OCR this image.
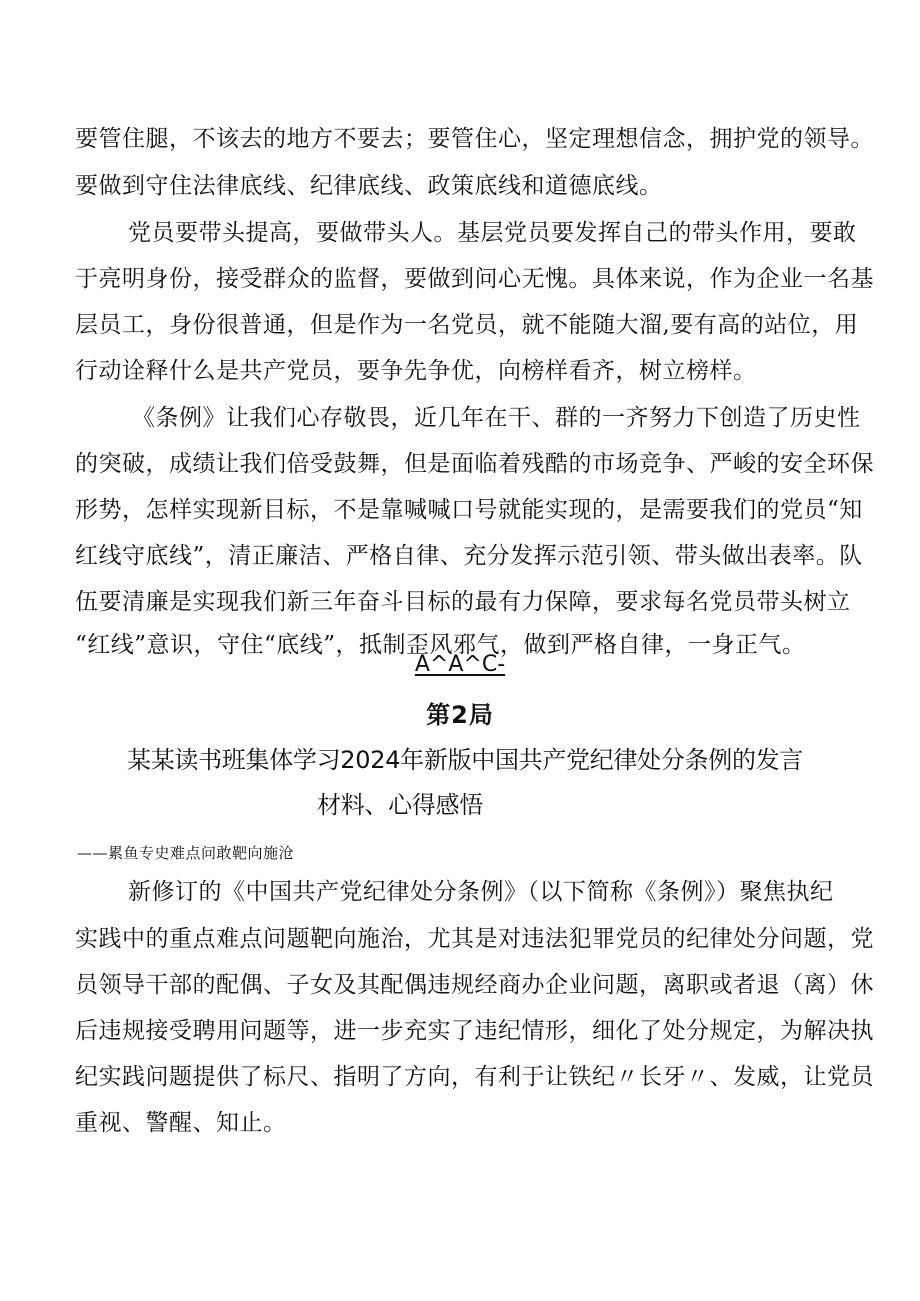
要管住腿，不该去的地方不要去；要管住心，坚定理想信念，拥护党的领导。
要做到守住法律底线、纪律底线、政策底线和道德底线。
党员要带头提高，要做带头人。基层党员要发挥自己的带头作用，要敢
于亮明身份，接受群众的监督，要做到问心无愧。具体来说，作为企业一名基
层员工，身份很普通，但是作为一名党员，就不能随大溜,要有高的站位，用
行动诠释什么是共产党员，要争先争优，向榜样看齐，树立榜样。
《条例》让我们心存敬畏，近几年在干、群的一齐努力下创造了历史性
的突破，成绩让我们倍受鼓舞，但是面临着残酷的市场竞争、严峻的安全环保
形势，怎样实现新目标，不是靠喊喊口号就能实现的，是需要我们的党员“知
红线守底线”，清正廉洁、严格自律、充分发挥示范引领、带头做出表率。队
伍要清廉是实现我们新三年奋斗目标的最有力保障，要求每名党员带头树立
“红线”意识，守住“底线”，抵制歪风邪气，做到严格自律，一身正气。
A^A^C-
第2局
某某读书班集体学习2024年新版中国共产党纪律处分条例的发言
材料、心得感悟
——累鱼专史难点问敢靶向施沧
新修订的《中国共产党纪律处分条例》（以下简称《条例》）聚焦执纪
实践中的重点难点问题靶向施治，尤其是对违法犯罪党员的纪律处分问题，党
员领导干部的配偶、子女及其配偶违规经商办企业问题，离职或者退（离）休
后违规接受聘用问题等，进一步充实了违纪情形，细化了处分规定，为解决执
纪实践问题提供了标尺、指明了方向，有利于让铁纪〃长牙〃、发威，让党员
重视、警醒、知止。
